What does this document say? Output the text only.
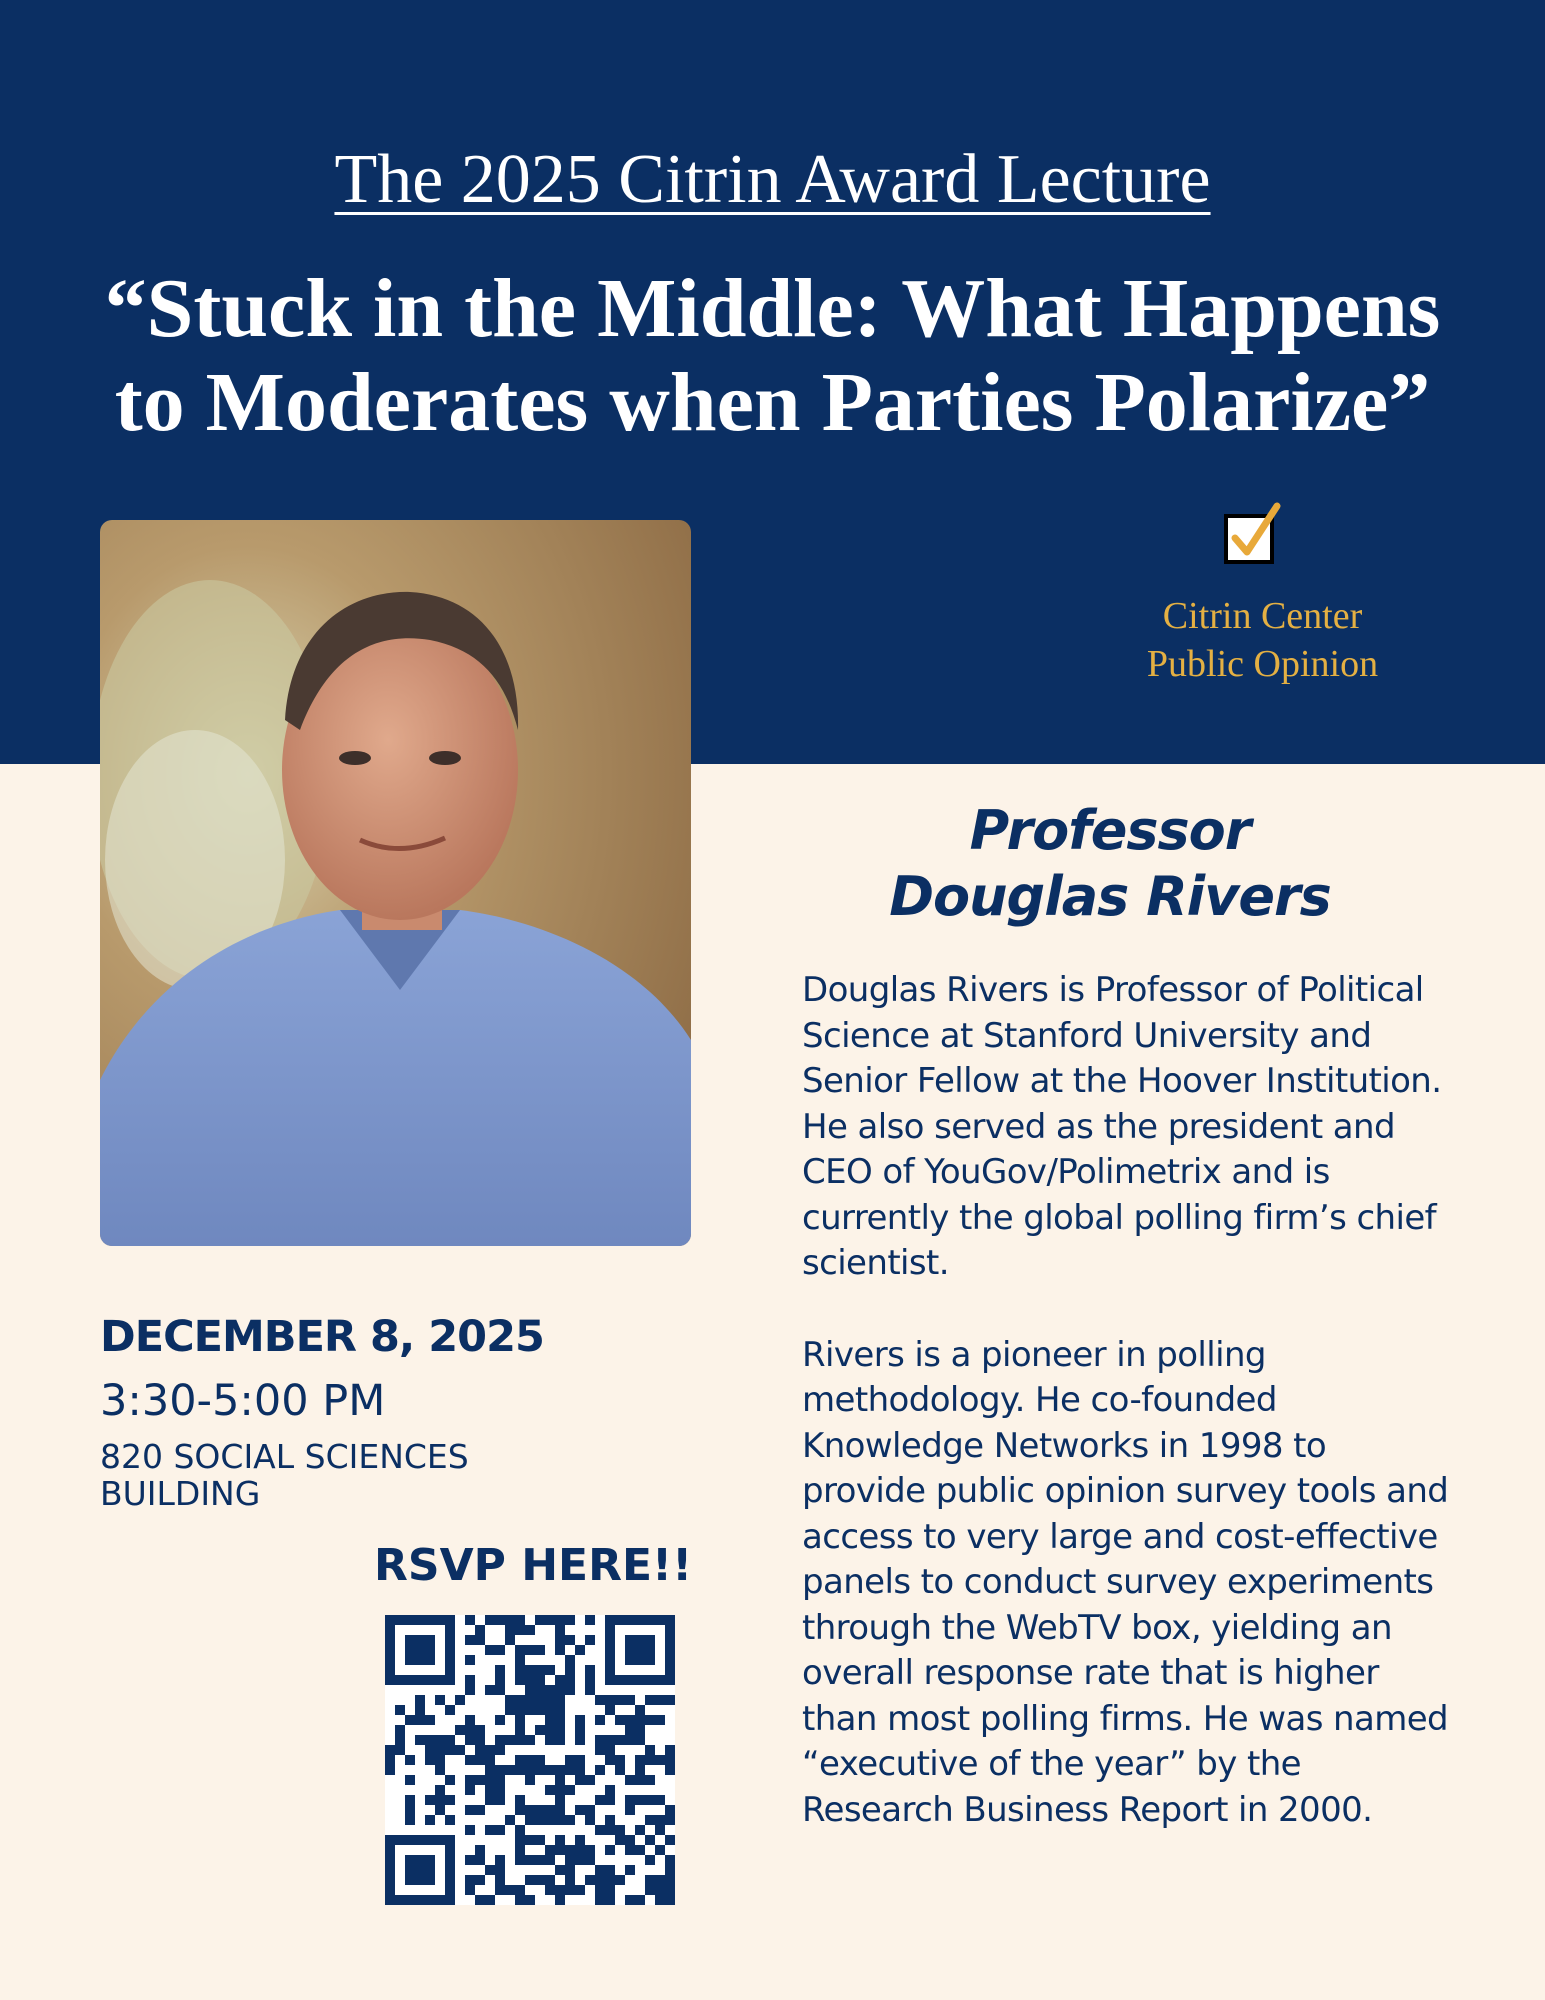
The 2025 Citrin Award Lecture
“Stuck in the Middle: What Happens
to Moderates when Parties Polarize”
Citrin Center
Public Opinion
Professor
Douglas Rivers

Douglas Rivers is Professor of Political Science at Stanford University and Senior Fellow at the Hoover Institution. He also served as the president and CEO of YouGov/Polimetrix and is currently the global polling firm’s chief scientist.

Rivers is a pioneer in polling methodology. He co-founded Knowledge Networks in 1998 to provide public opinion survey tools and access to very large and cost-effective panels to conduct survey experiments through the WebTV box, yielding an overall response rate that is higher than most polling firms. He was named “executive of the year” by the Research Business Report in 2000.

DECEMBER 8, 2025
3:30-5:00 PM
820 SOCIAL SCIENCES BUILDING
RSVP HERE!!
